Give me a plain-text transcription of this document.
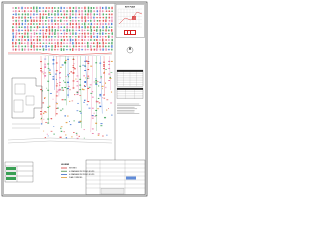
KEY PLAN
LEGEND
EXISTING
& DRAINAGE PROPOSED ROUTE
& DRAINAGE PROPOSED ROUTE
PLAN COMMONS
